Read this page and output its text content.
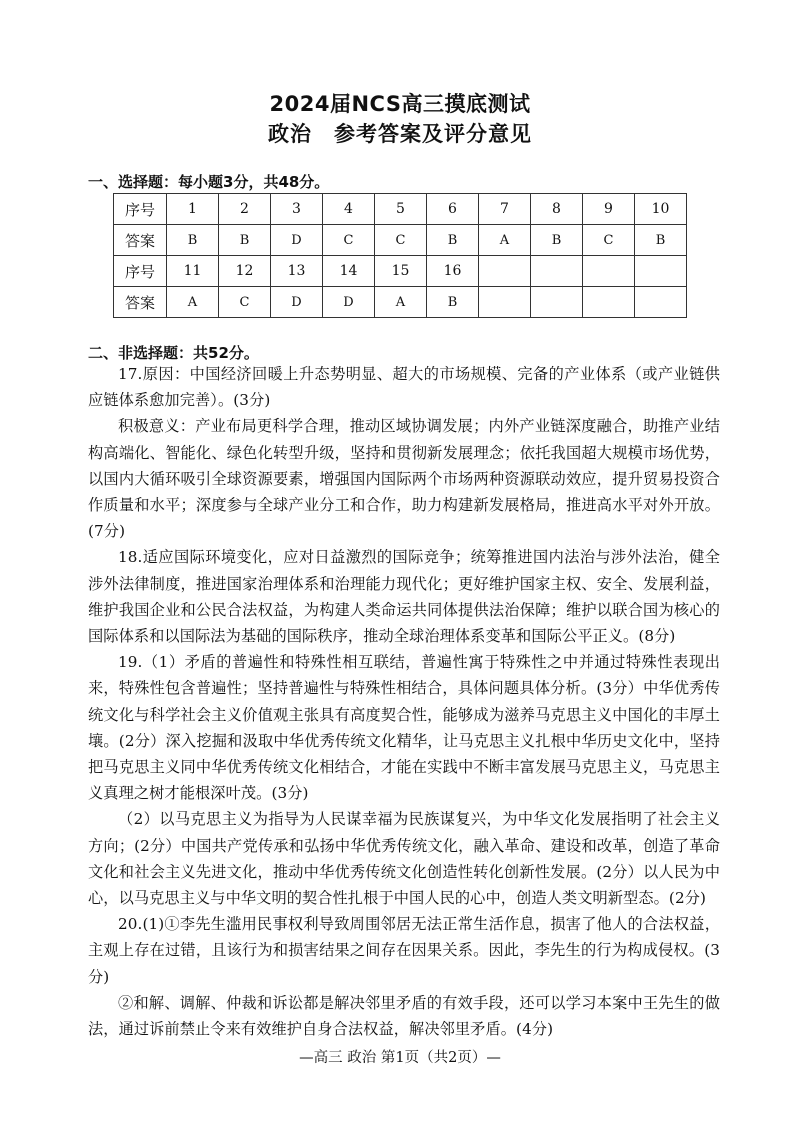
2024届NCS高三摸底测试
政治　参考答案及评分意见
一、选择题：每小题3分，共48分。
序号	1	2	3	4	5	6	7	8	9	10
答案	B	B	D	C	C	B	A	B	C	B
序号	11	12	13	14	15	16				
答案	A	C	D	D	A	B				
二、非选择题：共52分。

17.原因：中国经济回暖上升态势明显、超大的市场规模、完备的产业体系（或产业链供应链体系愈加完善）。(3分)

积极意义：产业布局更科学合理，推动区域协调发展；内外产业链深度融合，助推产业结构高端化、智能化、绿色化转型升级，坚持和贯彻新发展理念；依托我国超大规模市场优势，以国内大循环吸引全球资源要素，增强国内国际两个市场两种资源联动效应，提升贸易投资合作质量和水平；深度参与全球产业分工和合作，助力构建新发展格局，推进高水平对外开放。(7分)

18.适应国际环境变化，应对日益激烈的国际竞争；统筹推进国内法治与涉外法治，健全涉外法律制度，推进国家治理体系和治理能力现代化；更好维护国家主权、安全、发展利益，维护我国企业和公民合法权益，为构建人类命运共同体提供法治保障；维护以联合国为核心的国际体系和以国际法为基础的国际秩序，推动全球治理体系变革和国际公平正义。(8分)

19.（1）矛盾的普遍性和特殊性相互联结，普遍性寓于特殊性之中并通过特殊性表现出来，特殊性包含普遍性；坚持普遍性与特殊性相结合，具体问题具体分析。(3分）中华优秀传统文化与科学社会主义价值观主张具有高度契合性，能够成为滋养马克思主义中国化的丰厚土壤。(2分）深入挖掘和汲取中华优秀传统文化精华，让马克思主义扎根中华历史文化中，坚持把马克思主义同中华优秀传统文化相结合，才能在实践中不断丰富发展马克思主义，马克思主义真理之树才能根深叶茂。(3分)

（2）以马克思主义为指导为人民谋幸福为民族谋复兴，为中华文化发展指明了社会主义方向；(2分）中国共产党传承和弘扬中华优秀传统文化，融入革命、建设和改革，创造了革命文化和社会主义先进文化，推动中华优秀传统文化创造性转化创新性发展。(2分）以人民为中心，以马克思主义与中华文明的契合性扎根于中国人民的心中，创造人类文明新型态。(2分)

20.(1)①李先生滥用民事权利导致周围邻居无法正常生活作息，损害了他人的合法权益，主观上存在过错，且该行为和损害结果之间存在因果关系。因此，李先生的行为构成侵权。(3分)

②和解、调解、仲裁和诉讼都是解决邻里矛盾的有效手段，还可以学习本案中王先生的做法，通过诉前禁止令来有效维护自身合法权益，解决邻里矛盾。(4分)

—高三 政治 第1页（共2页）—
